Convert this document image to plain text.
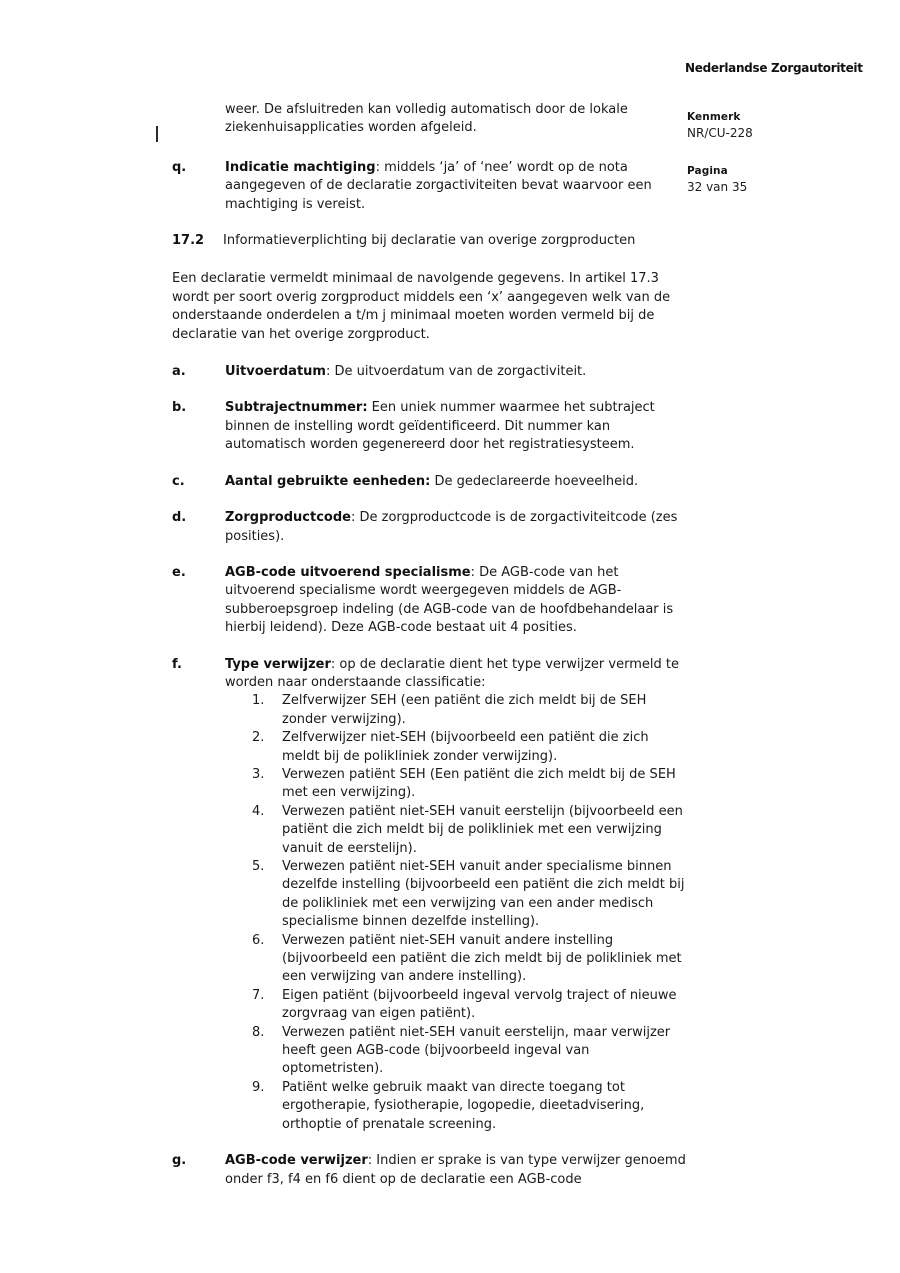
Nederlandse Zorgautoriteit
Kenmerk
NR/CU-228
Pagina
32 van 35
weer. De afsluitreden kan volledig automatisch door de lokale ziekenhuisapplicaties worden afgeleid.
q.	Indicatie machtiging: middels ‘ja’ of ‘nee’ wordt op de nota aangegeven of de declaratie zorgactiviteiten bevat waarvoor een machtiging is vereist.
17.2	Informatieverplichting bij declaratie van overige zorgproducten
Een declaratie vermeldt minimaal de navolgende gegevens. In artikel 17.3 wordt per soort overig zorgproduct middels een ‘x’ aangegeven welk van de onderstaande onderdelen a t/m j minimaal moeten worden vermeld bij de declaratie van het overige zorgproduct.
a.	Uitvoerdatum: De uitvoerdatum van de zorgactiviteit.
b.	Subtrajectnummer: Een uniek nummer waarmee het subtraject binnen de instelling wordt geïdentificeerd. Dit nummer kan automatisch worden gegenereerd door het registratiesysteem.
c.	Aantal gebruikte eenheden: De gedeclareerde hoeveelheid.
d.	Zorgproductcode: De zorgproductcode is de zorgactiviteitcode (zes posities).
e.	AGB-code uitvoerend specialisme: De AGB-code van het uitvoerend specialisme wordt weergegeven middels de AGB-subberoepsgroep indeling (de AGB-code van de hoofdbehandelaar is hierbij leidend). Deze AGB-code bestaat uit 4 posities.
f.	Type verwijzer: op de declaratie dient het type verwijzer vermeld te worden naar onderstaande classificatie:
1.	Zelfverwijzer SEH (een patiënt die zich meldt bij de SEH zonder verwijzing).
2.	Zelfverwijzer niet-SEH (bijvoorbeeld een patiënt die zich meldt bij de polikliniek zonder verwijzing).
3.	Verwezen patiënt SEH (Een patiënt die zich meldt bij de SEH met een verwijzing).
4.	Verwezen patiënt niet-SEH vanuit eerstelijn (bijvoorbeeld een patiënt die zich meldt bij de polikliniek met een verwijzing vanuit de eerstelijn).
5.	Verwezen patiënt niet-SEH vanuit ander specialisme binnen dezelfde instelling (bijvoorbeeld een patiënt die zich meldt bij de polikliniek met een verwijzing van een ander medisch specialisme binnen dezelfde instelling).
6.	Verwezen patiënt niet-SEH vanuit andere instelling (bijvoorbeeld een patiënt die zich meldt bij de polikliniek met een verwijzing van andere instelling).
7.	Eigen patiënt (bijvoorbeeld ingeval vervolg traject of nieuwe zorgvraag van eigen patiënt).
8.	Verwezen patiënt niet-SEH vanuit eerstelijn, maar verwijzer heeft geen AGB-code (bijvoorbeeld ingeval van optometristen).
9.	Patiënt welke gebruik maakt van directe toegang tot ergotherapie, fysiotherapie, logopedie, dieetadvisering, orthoptie of prenatale screening.
g.	AGB-code verwijzer: Indien er sprake is van type verwijzer genoemd onder f3, f4 en f6 dient op de declaratie een AGB-code
